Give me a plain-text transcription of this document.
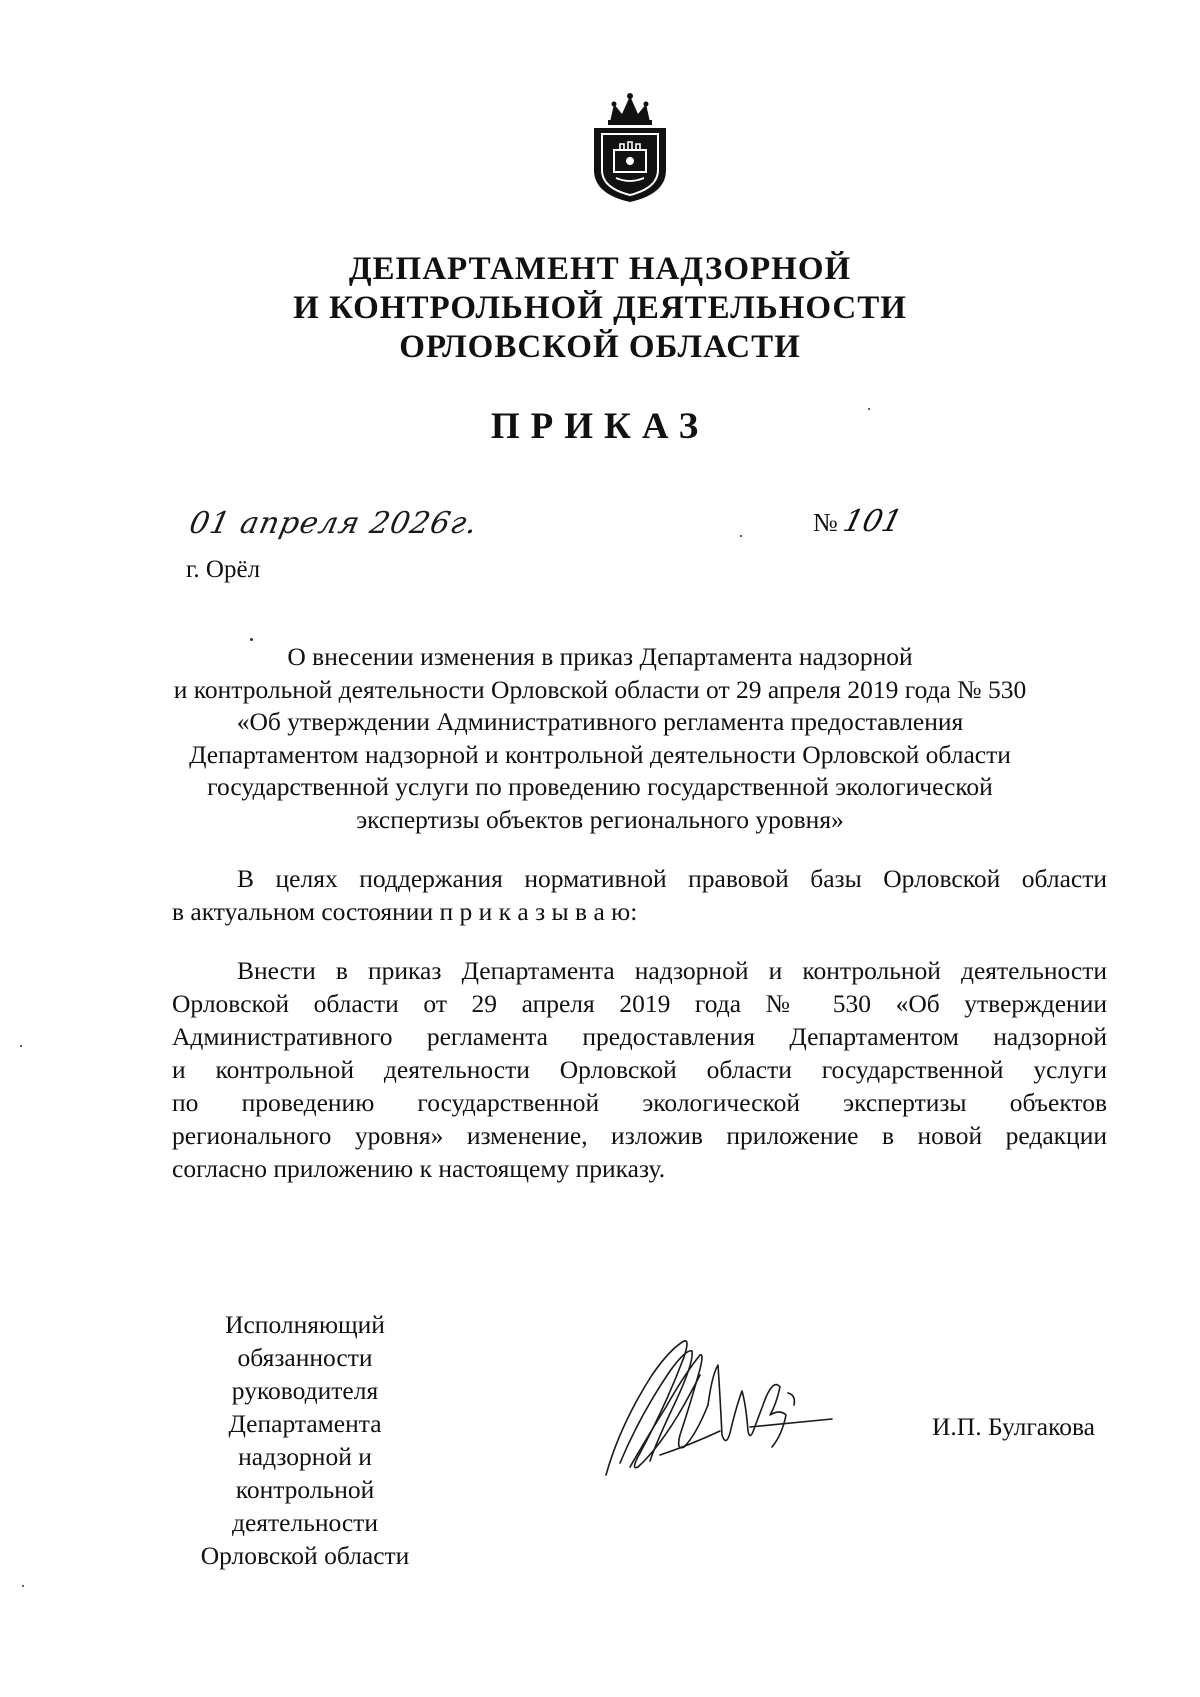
ДЕПАРТАМЕНТ НАДЗОРНОЙ
И КОНТРОЛЬНОЙ ДЕЯТЕЛЬНОСТИ
ОРЛОВСКОЙ ОБЛАСТИ
ПРИКАЗ
01 апреля 2026г.
г. Орёл
№101
О внесении изменения в приказ Департамента надзорной
и контрольной деятельности Орловской области от 29 апреля 2019 года № 530
«Об утверждении Административного регламента предоставления
Департаментом надзорной и контрольной деятельности Орловской области
государственной услуги по проведению государственной экологической
экспертизы объектов регионального уровня»
В целях поддержания нормативной правовой базы Орловской области
в актуальном состоянии п р и к а з ы в а ю:
Внести в приказ Департамента надзорной и контрольной деятельности
Орловской области от 29 апреля 2019 года № 530 «Об утверждении
Административного регламента предоставления Департаментом надзорной
и контрольной деятельности Орловской области государственной услуги
по проведению государственной экологической экспертизы объектов
регионального уровня» изменение, изложив приложение в новой редакции
согласно приложению к настоящему приказу.
Исполняющий
обязанности
руководителя
Департамента
надзорной и
контрольной
деятельности
Орловской области
И.П. Булгакова
